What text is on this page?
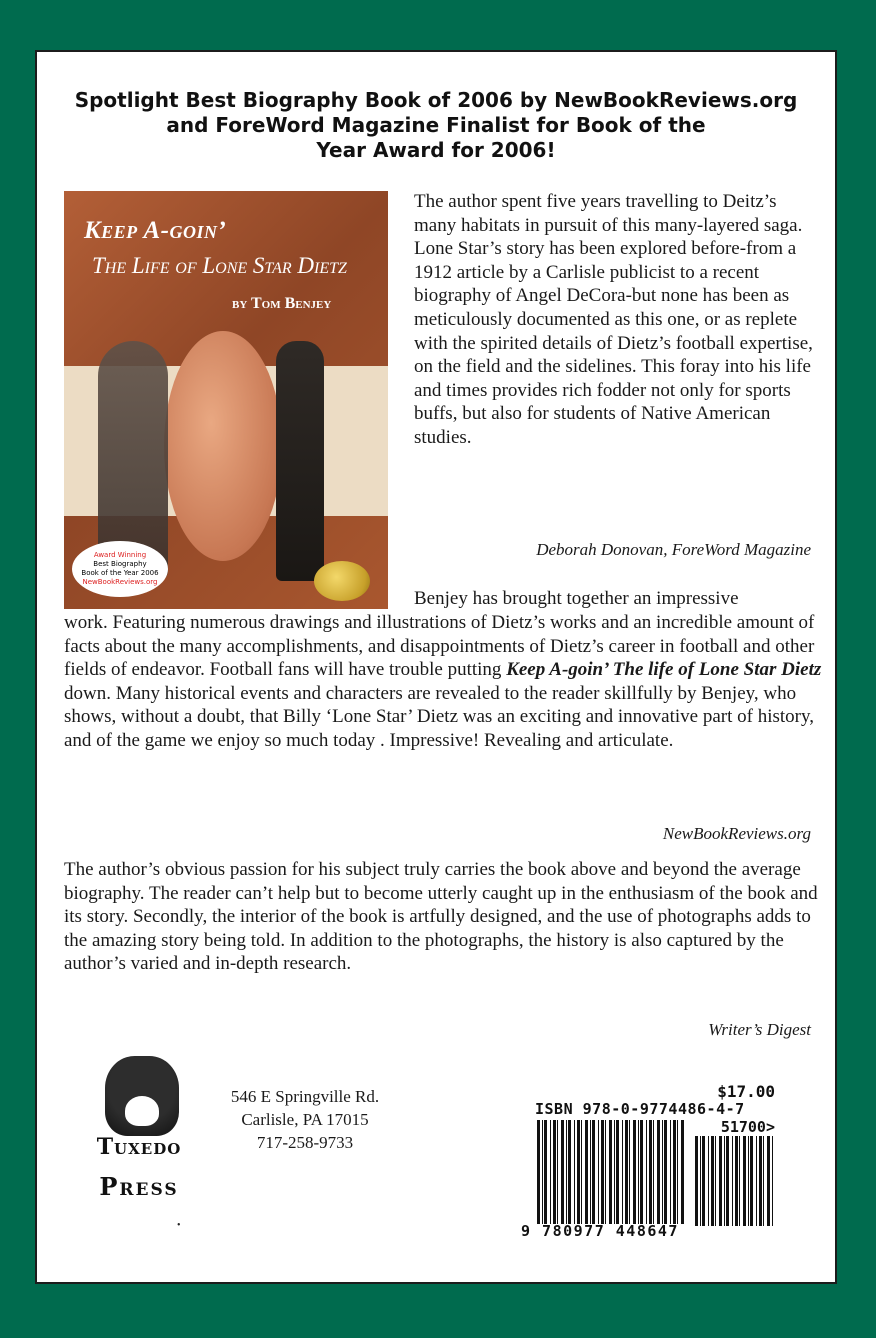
Spotlight Best Biography Book of 2006 by NewBookReviews.org
and ForeWord Magazine Finalist for Book of the
Year Award for 2006!
Keep A-goin’
The Life of Lone Star Dietz
by Tom Benjey
Award Winning
Best Biography
Book of the Year 2006
NewBookReviews.org
The author spent five years travelling to Deitz’s many habitats in pursuit of this many-layered saga. Lone Star’s story has been explored before-from a 1912 article by a Carlisle publicist to a recent biography of Angel DeCora-but none has been as meticulously documented as this one, or as replete with the spirited details of Dietz’s football expertise, on the field and the sidelines. This foray into his life and times provides rich fodder not only for sports buffs, but also for students of Native American studies.
Deborah Donovan, ForeWord Magazine
Benjey has brought together an impressive
work. Featuring numerous drawings and illustrations of Dietz’s works and an incredible amount of facts about the many accomplishments, and disappointments of Dietz’s career in football and other fields of endeavor. Football fans will have trouble putting Keep A-goin’ The life of Lone Star Dietz down. Many historical events and characters are revealed to the reader skillfully by Benjey, who shows, without a doubt, that Billy ‘Lone Star’ Dietz was an exciting and innovative part of history, and of the game we enjoy so much today . Impressive! Revealing and articulate.
NewBookReviews.org
The author’s obvious passion for his subject truly carries the book above and beyond the average biography. The reader can’t help but to become utterly caught up in the enthusiasm of the book and its story. Secondly, the interior of the book is artfully designed, and the use of photographs adds to the amazing story being told. In addition to the photographs, the history is also captured by the author’s varied and in-depth research.
Writer’s Digest
Tuxedo
Press
546 E Springville Rd.
Carlisle, PA 17015
717-258-9733
•
$17.00
ISBN 978-0-9774486-4-7
51700>
9 780977 448647
